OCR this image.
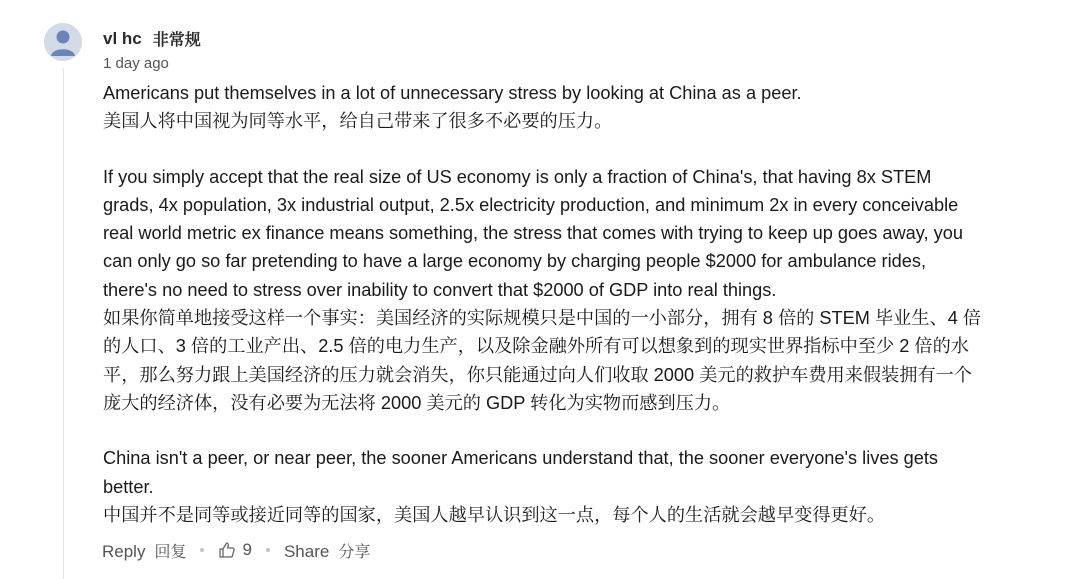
vl hc 非常规
1 day ago

Americans put themselves in a lot of unnecessary stress by looking at China as a peer.

美国人将中国视为同等水平，给自己带来了很多不必要的压力。

If you simply accept that the real size of US economy is only a fraction of China's, that having 8x STEM grads, 4x population, 3x industrial output, 2.5x electricity production, and minimum 2x in every conceivable real world metric ex finance means something, the stress that comes with trying to keep up goes away, you can only go so far pretending to have a large economy by charging people $2000 for ambulance rides, there's no need to stress over inability to convert that $2000 of GDP into real things.

如果你简单地接受这样一个事实：美国经济的实际规模只是中国的一小部分，拥有 8 倍的 STEM 毕业生、4 倍的人口、3 倍的工业产出、2.5 倍的电力生产，以及除金融外所有可以想象到的现实世界指标中至少 2 倍的水平，那么努力跟上美国经济的压力就会消失，你只能通过向人们收取 2000 美元的救护车费用来假装拥有一个庞大的经济体，没有必要为无法将 2000 美元的 GDP 转化为实物而感到压力。

China isn't a peer, or near peer, the sooner Americans understand that, the sooner everyone's lives gets better.

中国并不是同等或接近同等的国家，美国人越早认识到这一点，每个人的生活就会越早变得更好。

Reply 回复	9 Share 分享
